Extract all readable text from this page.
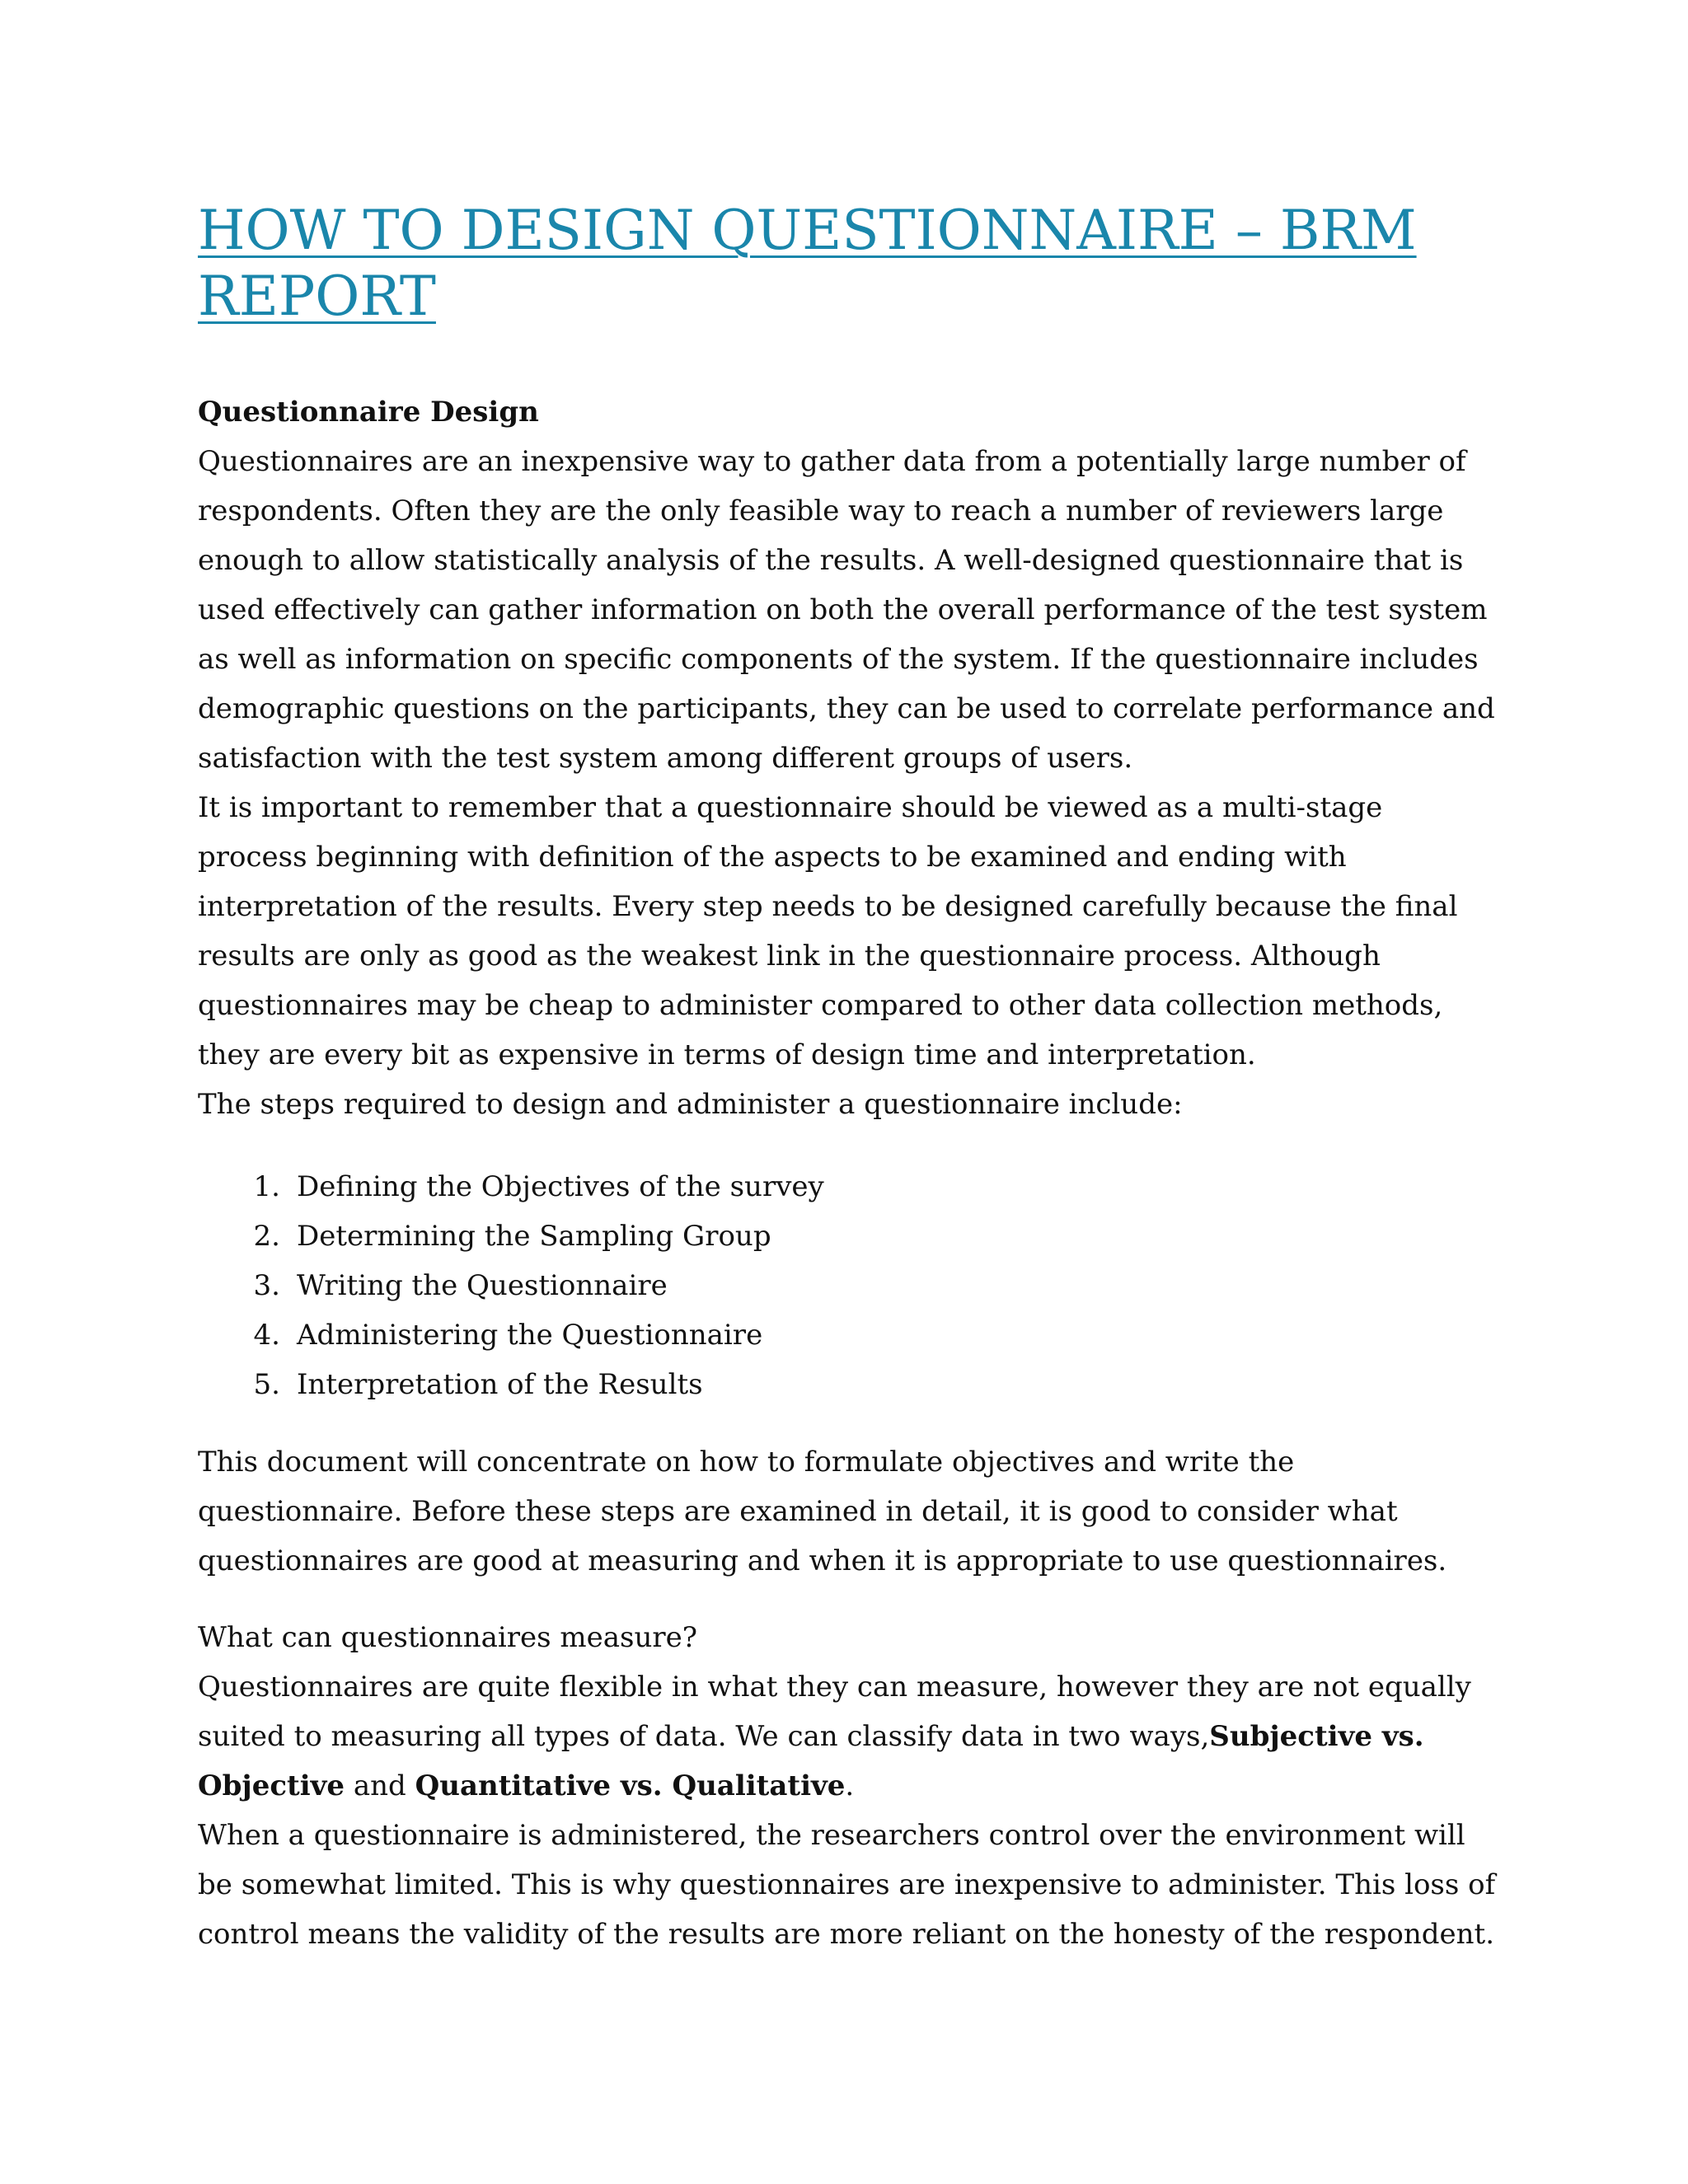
HOW TO DESIGN QUESTIONNAIRE – BRM REPORT
Questionnaire Design

Questionnaires are an inexpensive way to gather data from a potentially large number of respondents. Often they are the only feasible way to reach a number of reviewers large enough to allow statistically analysis of the results. A well-designed questionnaire that is used effectively can gather information on both the overall performance of the test system as well as information on specific components of the system. If the questionnaire includes demographic questions on the participants, they can be used to correlate performance and satisfaction with the test system among different groups of users.

It is important to remember that a questionnaire should be viewed as a multi-stage process beginning with definition of the aspects to be examined and ending with interpretation of the results. Every step needs to be designed carefully because the final results are only as good as the weakest link in the questionnaire process. Although questionnaires may be cheap to administer compared to other data collection methods, they are every bit as expensive in terms of design time and interpretation.

The steps required to design and administer a questionnaire include:

1. Defining the Objectives of the survey
2. Determining the Sampling Group
3. Writing the Questionnaire
4. Administering the Questionnaire
5. Interpretation of the Results

This document will concentrate on how to formulate objectives and write the questionnaire. Before these steps are examined in detail, it is good to consider what questionnaires are good at measuring and when it is appropriate to use questionnaires.

What can questionnaires measure?

Questionnaires are quite flexible in what they can measure, however they are not equally suited to measuring all types of data. We can classify data in two ways,Subjective vs. Objective and Quantitative vs. Qualitative.

When a questionnaire is administered, the researchers control over the environment will be somewhat limited. This is why questionnaires are inexpensive to administer. This loss of control means the validity of the results are more reliant on the honesty of the respondent.
